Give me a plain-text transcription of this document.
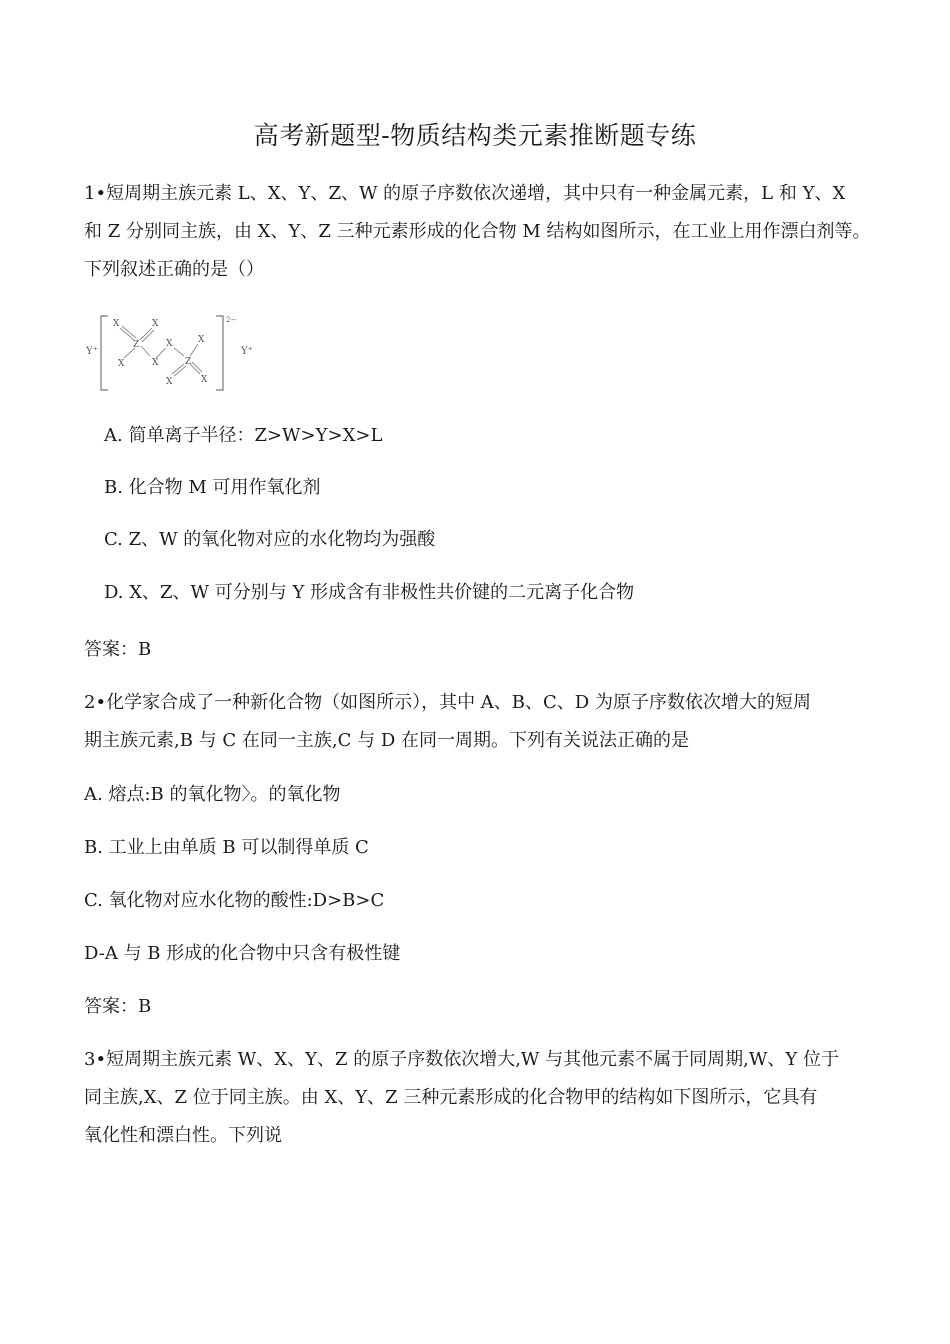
高考新题型-物质结构类元素推断题专练
1•短周期主族元素 L、X、Y、Z、W 的原子序数依次递增，其中只有一种金属元素，L 和 Y、X
和 Z 分别同主族，由 X、Y、Z 三种元素形成的化合物 M 结构如图所示，在工业上用作漂白剂等。
下列叙述正确的是（）
Y⁺
2−
Y⁺
X	X
Z
X	X
X	X
Z
X	X
A. 简单离子半径：Z>W>Y>X>L
B. 化合物 M 可用作氧化剂
C. Z、W 的氧化物对应的水化物均为强酸
D. X、Z、W 可分别与 Y 形成含有非极性共价键的二元离子化合物
答案：B
2•化学家合成了一种新化合物（如图所示），其中 A、B、C、D 为原子序数依次增大的短周
期主族元素,B 与 C 在同一主族,C 与 D 在同一周期。下列有关说法正确的是
A. 熔点:B 的氧化物〉。的氧化物
B. 工业上由单质 B 可以制得单质 C
C. 氧化物对应水化物的酸性:D>B>C
D-A 与 B 形成的化合物中只含有极性键
答案：B
3•短周期主族元素 W、X、Y、Z 的原子序数依次增大,W 与其他元素不属于同周期,W、Y 位于
同主族,X、Z 位于同主族。由 X、Y、Z 三种元素形成的化合物甲的结构如下图所示，它具有
氧化性和漂白性。下列说
